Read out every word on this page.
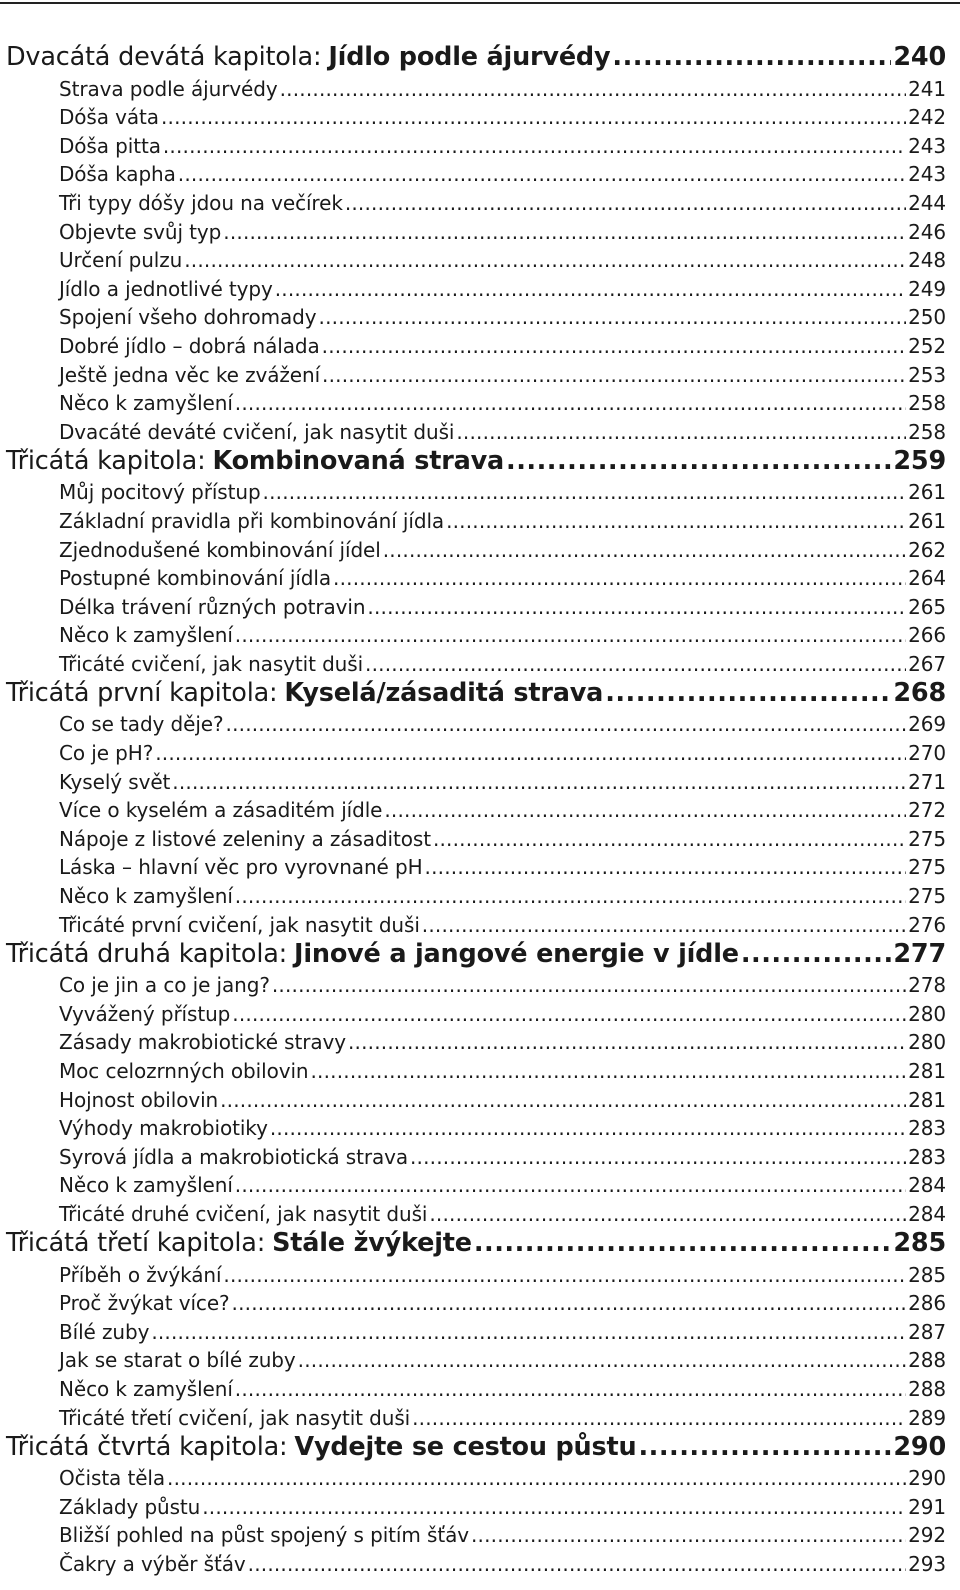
Dvacátá devátá kapitola: Jídlo podle ájurvédy .....	240
Strava podle ájurvédy .....	241
Dóša váta .....	242
Dóša pitta .....	243
Dóša kapha .....	243
Tři typy dóšy jdou na večírek .....	244
Objevte svůj typ .....	246
Určení pulzu .....	248
Jídlo a jednotlivé typy .....	249
Spojení všeho dohromady .....	250
Dobré jídlo – dobrá nálada .....	252
Ještě jedna věc ke zvážení .....	253
Něco k zamyšlení .....	258
Dvacáté deváté cvičení, jak nasytit duši .....	258
Třicátá kapitola: Kombinovaná strava .....	259
Můj pocitový přístup .....	261
Základní pravidla při kombinování jídla .....	261
Zjednodušené kombinování jídel .....	262
Postupné kombinování jídla .....	264
Délka trávení různých potravin .....	265
Něco k zamyšlení .....	266
Třicáté cvičení, jak nasytit duši .....	267
Třicátá první kapitola: Kyselá/zásaditá strava .....	268
Co se tady děje? .....	269
Co je pH? .....	270
Kyselý svět .....	271
Více o kyselém a zásaditém jídle .....	272
Nápoje z listové zeleniny a zásaditost .....	275
Láska – hlavní věc pro vyrovnané pH .....	275
Něco k zamyšlení .....	275
Třicáté první cvičení, jak nasytit duši .....	276
Třicátá druhá kapitola: Jinové a jangové energie v jídle .....	277
Co je jin a co je jang? .....	278
Vyvážený přístup .....	280
Zásady makrobiotické stravy .....	280
Moc celozrnných obilovin .....	281
Hojnost obilovin .....	281
Výhody makrobiotiky .....	283
Syrová jídla a makrobiotická strava .....	283
Něco k zamyšlení .....	284
Třicáté druhé cvičení, jak nasytit duši .....	284
Třicátá třetí kapitola: Stále žvýkejte .....	285
Příběh o žvýkání .....	285
Proč žvýkat více? .....	286
Bílé zuby .....	287
Jak se starat o bílé zuby .....	288
Něco k zamyšlení .....	288
Třicáté třetí cvičení, jak nasytit duši .....	289
Třicátá čtvrtá kapitola: Vydejte se cestou půstu .....	290
Očista těla .....	290
Základy půstu .....	291
Bližší pohled na půst spojený s pitím šťáv .....	292
Čakry a výběr šťáv .....	293
